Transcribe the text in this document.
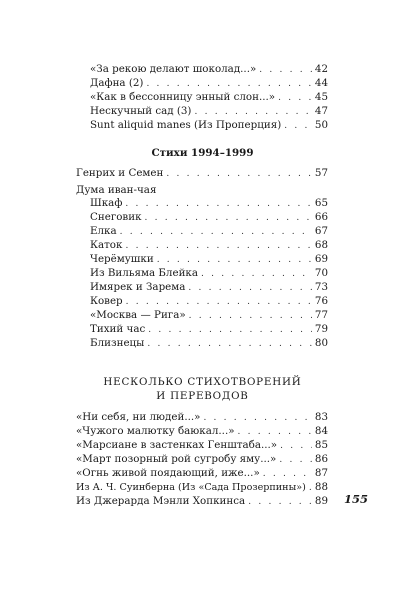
«За рекою делают шоколад...» . . .	42
Дафна (2) . . .	44
«Как в бессонницу энный слон...» . . .	45
Нескучный сад (3) . . .	47
Sunt aliquid manes (Из Проперция) . . .	50
Стихи 1994–1999
Генрих и Семен . . .	57
Дума иван-чая
Шкаф . . .	65
Снеговик . . .	66
Елка . . .	67
Каток . . .	68
Черёмушки . . .	69
Из Вильяма Блейка . . .	70
Имярек и Зарема . . .	73
Ковер . . .	76
«Москва — Рига» . . .	77
Тихий час . . .	79
Близнецы . . .	80
НЕСКОЛЬКО СТИХОТВОРЕНИЙ
И ПЕРЕВОДОВ
«Ни себя, ни людей...» . . .	83
«Чужого малютку баюкал...» . . .	84
«Марсиане в застенках Генштаба...» . . .	85
«Март позорный рой сугробу яму...» . . .	86
«Огнь живой поядающий, иже...» . . .	87
Из А. Ч. Суинберна (Из «Сада Прозерпины») . . . 88
Из Джерарда Мэнли Хопкинса . . .	89 155
